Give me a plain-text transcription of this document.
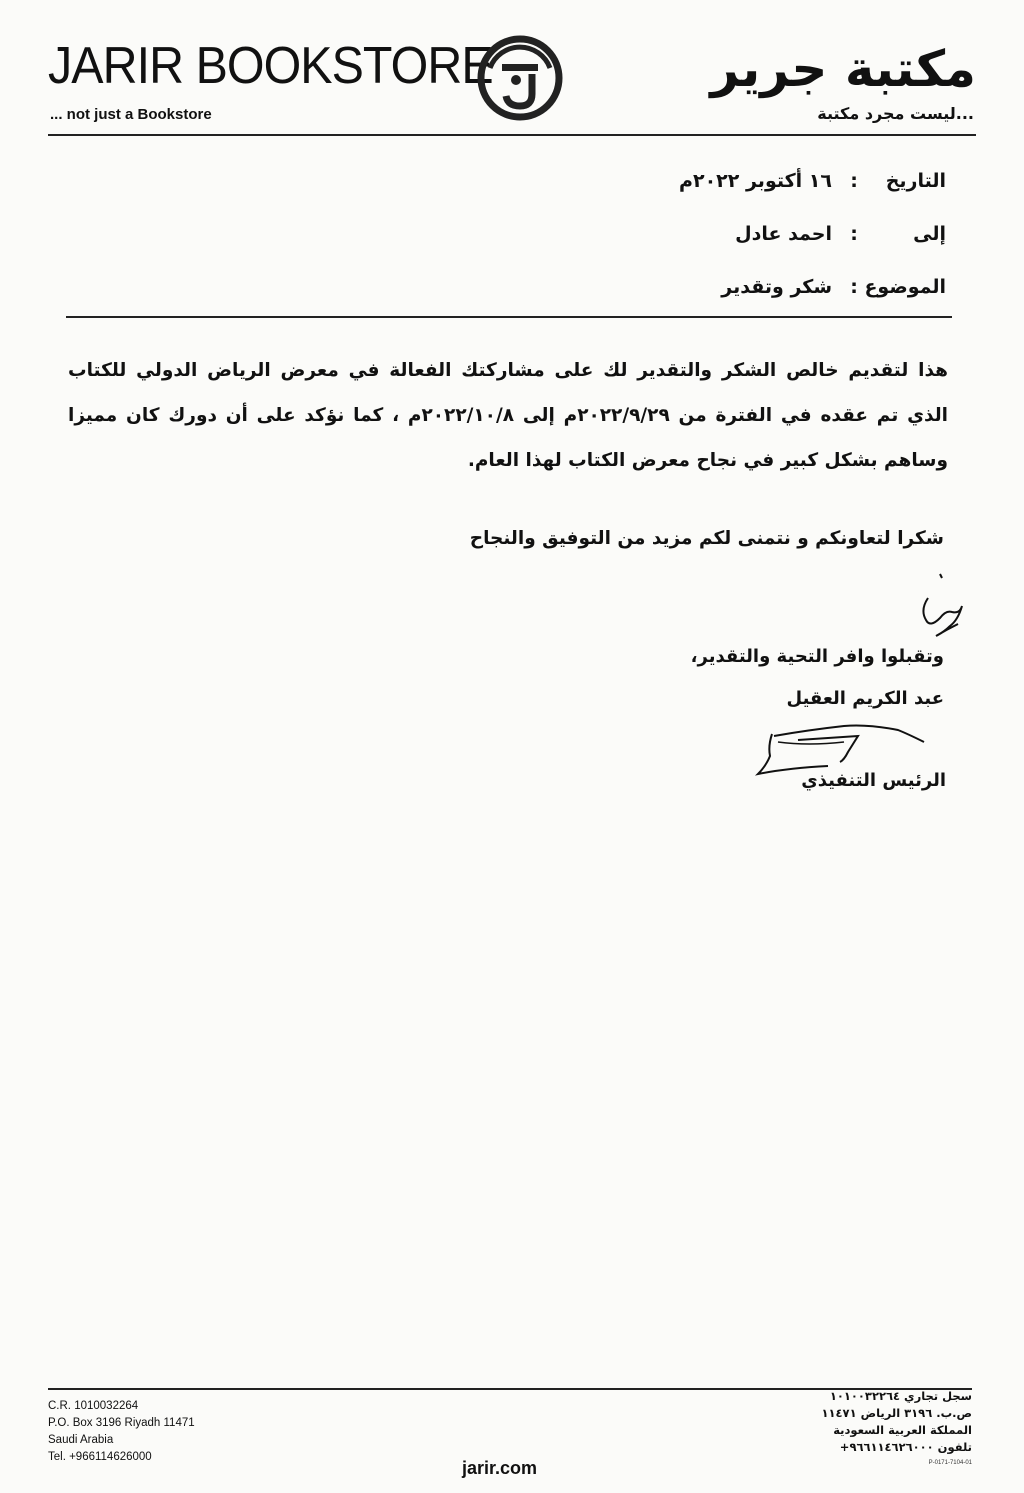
JARIR BOOKSTORE
... not just a Bookstore
مكتبة جرير
...ليست مجرد مكتبة
التاريخ
:
١٦ أكتوبر ٢٠٢٢م
إلى
:
احمد عادل
الموضوع
:
شكر وتقدير
هذا لتقديم خالص الشكر والتقدير لك على مشاركتك الفعالة في معرض الرياض الدولي للكتاب الذي تم عقده في الفترة من ٢٠٢٢/٩/٢٩م إلى ٢٠٢٢/١٠/٨م ، كما نؤكد على أن دورك كان مميزا وساهم بشكل كبير في نجاح معرض الكتاب لهذا العام.
شكرا لتعاونكم و نتمنى لكم مزيد من التوفيق والنجاح
وتقبلوا وافر التحية والتقدير،
عبد الكريم العقيل
الرئيس التنفيذي
C.R. 1010032264
P.O. Box 3196 Riyadh 11471
Saudi Arabia
Tel. +966114626000
jarir.com
سجل تجاري ١٠١٠٠٣٢٢٦٤
ص.ب. ٣١٩٦ الرياض ١١٤٧١
المملكة العربية السعودية
تلفون ٩٦٦١١٤٦٢٦٠٠٠+
P-0171-7104-01
